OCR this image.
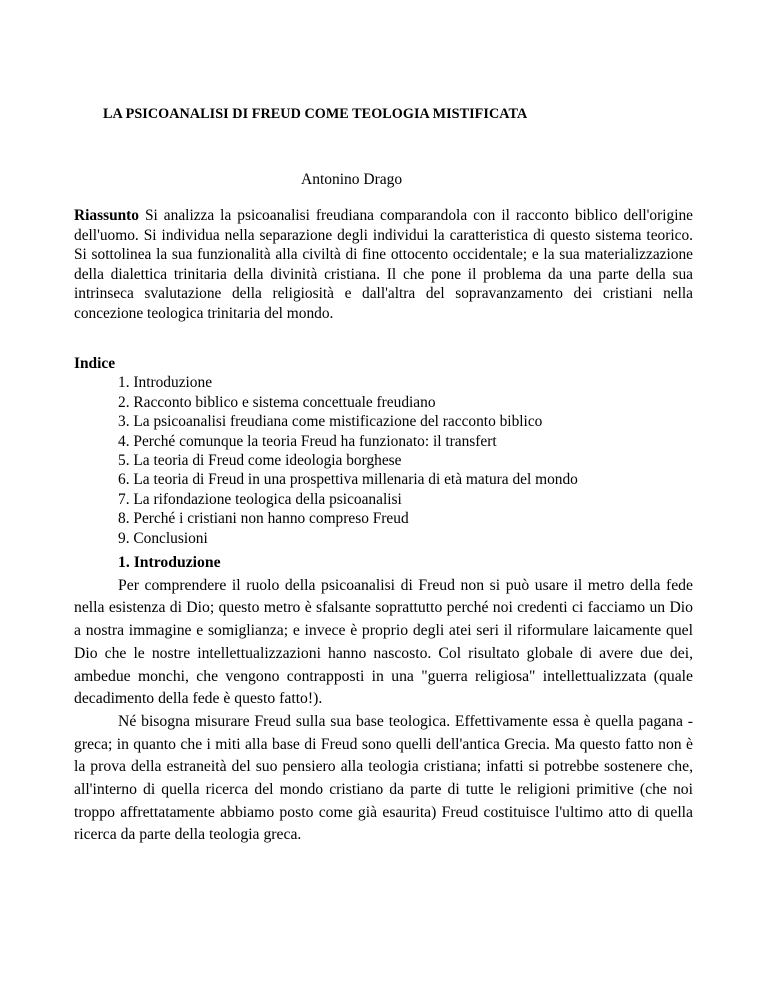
LA PSICOANALISI DI FREUD COME TEOLOGIA MISTIFICATA
Antonino Drago
Riassunto Si analizza la psicoanalisi freudiana comparandola con il racconto biblico dell'origine dell'uomo. Si individua nella separazione degli individui la caratteristica di questo sistema teorico. Si sottolinea la sua funzionalità alla civiltà di fine ottocento occidentale; e la sua materializzazione della dialettica trinitaria della divinità cristiana. Il che pone il problema da una parte della sua intrinseca svalutazione della religiosità e dall'altra del sopravanzamento dei cristiani nella concezione teologica trinitaria del mondo.
Indice
1. Introduzione
2. Racconto biblico e sistema concettuale freudiano
3. La psicoanalisi freudiana come mistificazione del racconto biblico
4. Perché comunque la teoria Freud ha funzionato: il transfert
5. La teoria di Freud come ideologia borghese
6. La teoria di Freud in una prospettiva millenaria di età matura del mondo
7. La rifondazione teologica della psicoanalisi
8. Perché i cristiani non hanno compreso Freud
9. Conclusioni
1. Introduzione

Per comprendere il ruolo della psicoanalisi di Freud non si può usare il metro della fede nella esistenza di Dio; questo metro è sfalsante soprattutto perché noi credenti ci facciamo un Dio a nostra immagine e somiglianza; e invece è proprio degli atei seri il riformulare laicamente quel Dio che le nostre intellettualizzazioni hanno nascosto. Col risultato globale di avere due dei, ambedue monchi, che vengono contrapposti in una "guerra religiosa" intellettualizzata (quale decadimento della fede è questo fatto!).

Né bisogna misurare Freud sulla sua base teologica. Effettivamente essa è quella pagana - greca; in quanto che i miti alla base di Freud sono quelli dell'antica Grecia. Ma questo fatto non è la prova della estraneità del suo pensiero alla teologia cristiana; infatti si potrebbe sostenere che, all'interno di quella ricerca del mondo cristiano da parte di tutte le religioni primitive (che noi troppo affrettatamente abbiamo posto come già esaurita) Freud costituisce l'ultimo atto di quella ricerca da parte della teologia greca.
